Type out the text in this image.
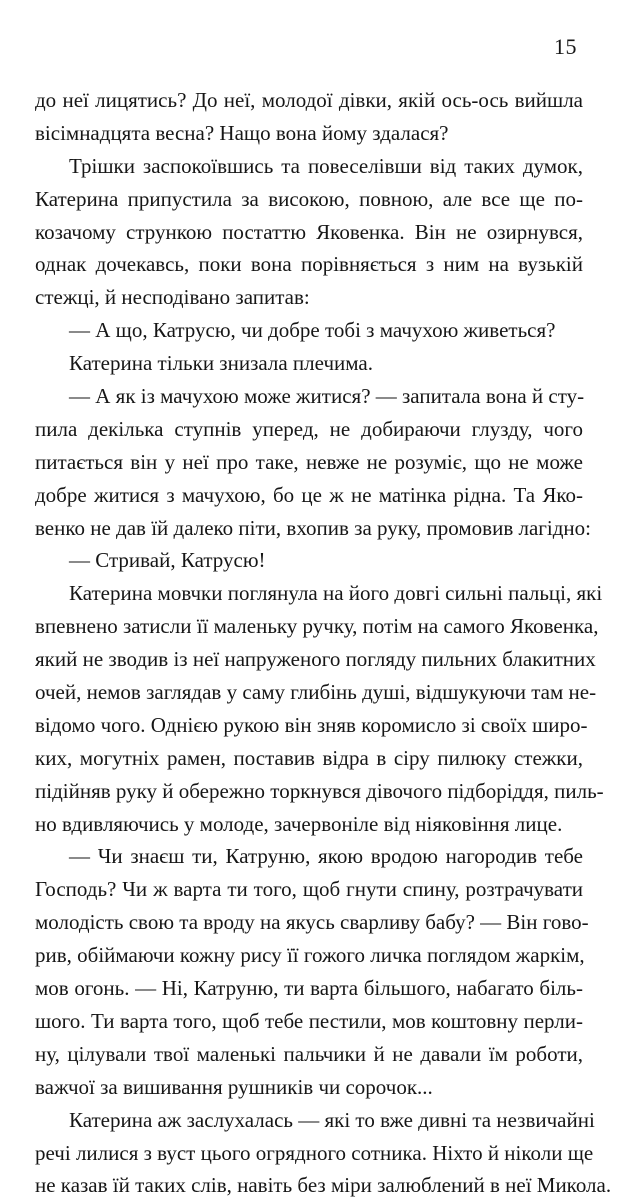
15
до неї лицятись? До неї, молодої дівки, якій ось-ось вийшла
вісімнадцята весна? Нащо вона йому здалася?
Трішки заспокоївшись та повеселівши від таких думок,
Катерина припустила за високою, повною, але все ще по-
козачому стрункою постаттю Яковенка. Він не озирнувся,
однак дочекавсь, поки вона порівняється з ним на вузькій
стежці, й несподівано запитав:
— А що, Катрусю, чи добре тобі з мачухою живеться?
Катерина тільки знизала плечима.
— А як із мачухою може житися? — запитала вона й сту-
пила декілька ступнів уперед, не добираючи глузду, чого
питається він у неї про таке, невже не розуміє, що не може
добре житися з мачухою, бо це ж не матінка рідна. Та Яко-
венко не дав їй далеко піти, вхопив за руку, промовив лагідно:
— Стривай, Катрусю!
Катерина мовчки поглянула на його довгі сильні пальці, які
впевнено затисли її маленьку ручку, потім на самого Яковенка,
який не зводив із неї напруженого погляду пильних блакитних
очей, немов заглядав у саму глибінь душі, відшукуючи там не-
відомо чого. Однією рукою він зняв коромисло зі своїх широ-
ких, могутніх рамен, поставив відра в сіру пилюку стежки,
підійняв руку й обережно торкнувся дівочого підборіддя, пиль-
но вдивляючись у молоде, зачервоніле від ніяковіння лице.
— Чи знаєш ти, Катруню, якою вродою нагородив тебе
Господь? Чи ж варта ти того, щоб гнути спину, розтрачувати
молодість свою та вроду на якусь сварливу бабу? — Він гово-
рив, обіймаючи кожну рису її гожого личка поглядом жаркім,
мов огонь. — Ні, Катруню, ти варта більшого, набагато біль-
шого. Ти варта того, щоб тебе пестили, мов коштовну перли-
ну, цілували твої маленькі пальчики й не давали їм роботи,
важчої за вишивання рушників чи сорочок...
Катерина аж заслухалась — які то вже дивні та незвичайні
речі лилися з вуст цього огрядного сотника. Ніхто й ніколи ще
не казав їй таких слів, навіть без міри залюблений в неї Микола.
